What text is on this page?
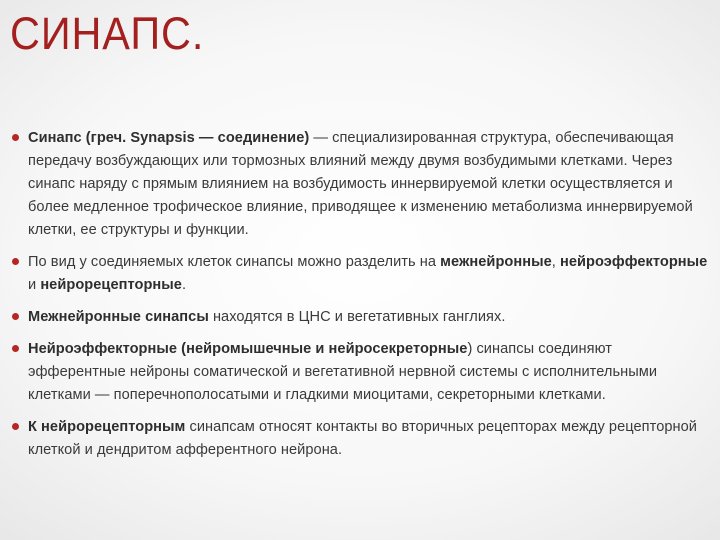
СИНАПС.

Синапс (греч. Synapsis — соединение) — специализированная структура, обеспечивающая передачу возбуждающих или тормозных влияний между двумя возбудимыми клетками. Через синапс наряду с прямым влиянием на возбудимость иннервируемой клетки осуществляется и более медленное трофическое влияние, приводящее к изменению метаболизма иннервируемой клетки, ее структуры и функции.

По вид у соединяемых клеток синапсы можно разделить на межнейронные, нейроэффекторные и нейрорецепторные.

Межнейронные синапсы находятся в ЦНС и вегетативных ганглиях.

Нейроэффекторные (нейромышечные и нейросекреторные) синапсы соединяют эфферентные нейроны соматической и вегетативной нервной системы с исполнительными клетками — поперечнополосатыми и гладкими миоцитами, секреторными клетками.

К нейрорецепторным синапсам относят контакты во вторичных рецепторах между рецепторной клеткой и дендритом афферентного нейрона.
